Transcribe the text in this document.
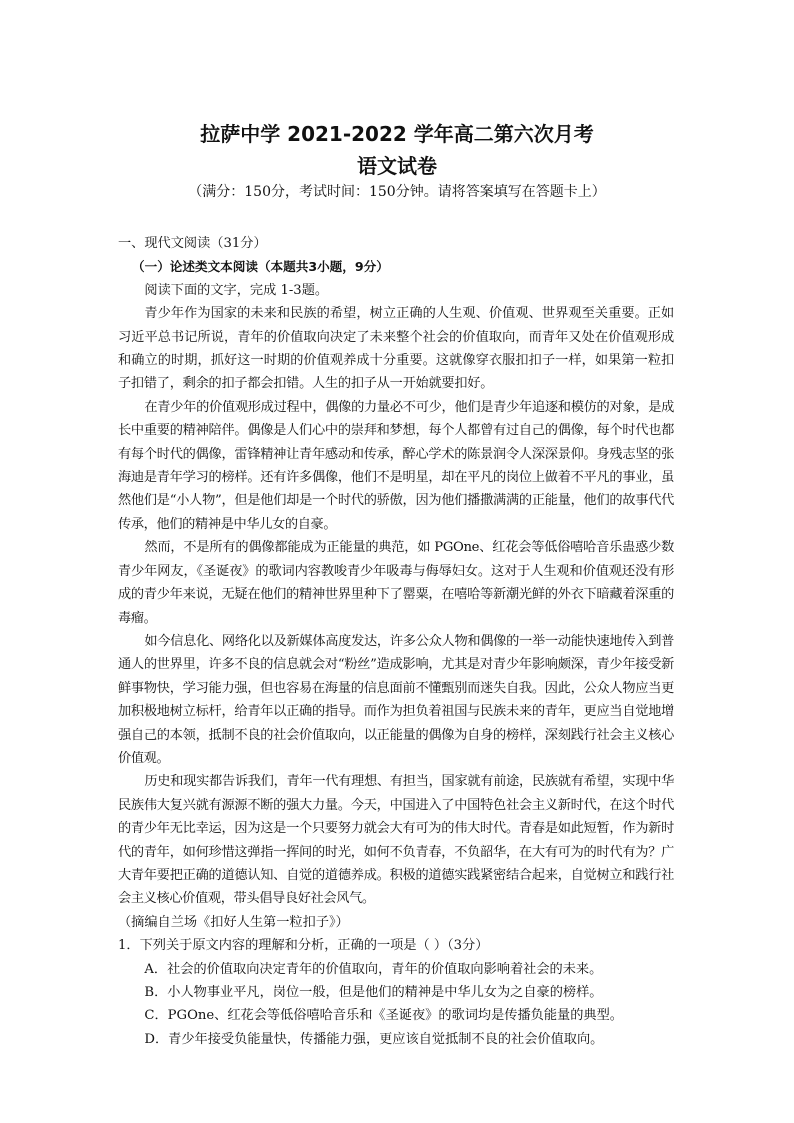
拉萨中学 2021-2022 学年高二第六次月考
语文试卷
（满分：150分，考试时间：150分钟。请将答案填写在答题卡上）

一、现代文阅读（31分）

（一）论述类文本阅读（本题共3小题，9分）

阅读下面的文字，完成 1-3题。

青少年作为国家的未来和民族的希望，树立正确的人生观、价值观、世界观至关重要。正如习近平总书记所说，青年的价值取向决定了未来整个社会的价值取向，而青年又处在价值观形成和确立的时期，抓好这一时期的价值观养成十分重要。这就像穿衣服扣扣子一样，如果第一粒扣子扣错了，剩余的扣子都会扣错。人生的扣子从一开始就要扣好。

在青少年的价值观形成过程中，偶像的力量必不可少，他们是青少年追逐和模仿的对象，是成长中重要的精神陪伴。偶像是人们心中的崇拜和梦想，每个人都曾有过自己的偶像，每个时代也都有每个时代的偶像，雷锋精神让青年感动和传承，醉心学术的陈景润令人深深景仰。身残志坚的张海迪是青年学习的榜样。还有许多偶像，他们不是明星，却在平凡的岗位上做着不平凡的事业，虽然他们是“小人物”，但是他们却是一个时代的骄傲，因为他们播撒满满的正能量，他们的故事代代传承，他们的精神是中华儿女的自豪。

然而，不是所有的偶像都能成为正能量的典范，如 PGOne、红花会等低俗嘻哈音乐蛊惑少数青少年网友，《圣诞夜》的歌词内容教唆青少年吸毒与侮辱妇女。这对于人生观和价值观还没有形成的青少年来说，无疑在他们的精神世界里种下了罂粟，在嘻哈等新潮光鲜的外衣下暗藏着深重的毒瘤。

如今信息化、网络化以及新媒体高度发达，许多公众人物和偶像的一举一动能快速地传入到普通人的世界里，许多不良的信息就会对“粉丝”造成影响，尤其是对青少年影响颇深，青少年接受新鲜事物快，学习能力强，但也容易在海量的信息面前不懂甄别而迷失自我。因此，公众人物应当更加积极地树立标杆，给青年以正确的指导。而作为担负着祖国与民族未来的青年，更应当自觉地增强自己的本领，抵制不良的社会价值取向，以正能量的偶像为自身的榜样，深刻践行社会主义核心价值观。

历史和现实都告诉我们，青年一代有理想、有担当，国家就有前途，民族就有希望，实现中华民族伟大复兴就有源源不断的强大力量。今天，中国进入了中国特色社会主义新时代，在这个时代的青少年无比幸运，因为这是一个只要努力就会大有可为的伟大时代。青春是如此短暂，作为新时代的青年，如何珍惜这弹指一挥间的时光，如何不负青春，不负韶华，在大有可为的时代有为？广大青年要把正确的道德认知、自觉的道德养成。积极的道德实践紧密结合起来，自觉树立和践行社会主义核心价值观，带头倡导良好社会风气。

（摘编自兰场《扣好人生第一粒扣子》）

1．下列关于原文内容的理解和分析，正确的一项是（ ）（3分）

A．社会的价值取向决定青年的价值取向，青年的价值取向影响着社会的未来。

B．小人物事业平凡，岗位一般，但是他们的精神是中华儿女为之自豪的榜样。

C．PGOne、红花会等低俗嘻哈音乐和《圣诞夜》的歌词均是传播负能量的典型。

D．青少年接受负能量快，传播能力强，更应该自觉抵制不良的社会价值取向。
